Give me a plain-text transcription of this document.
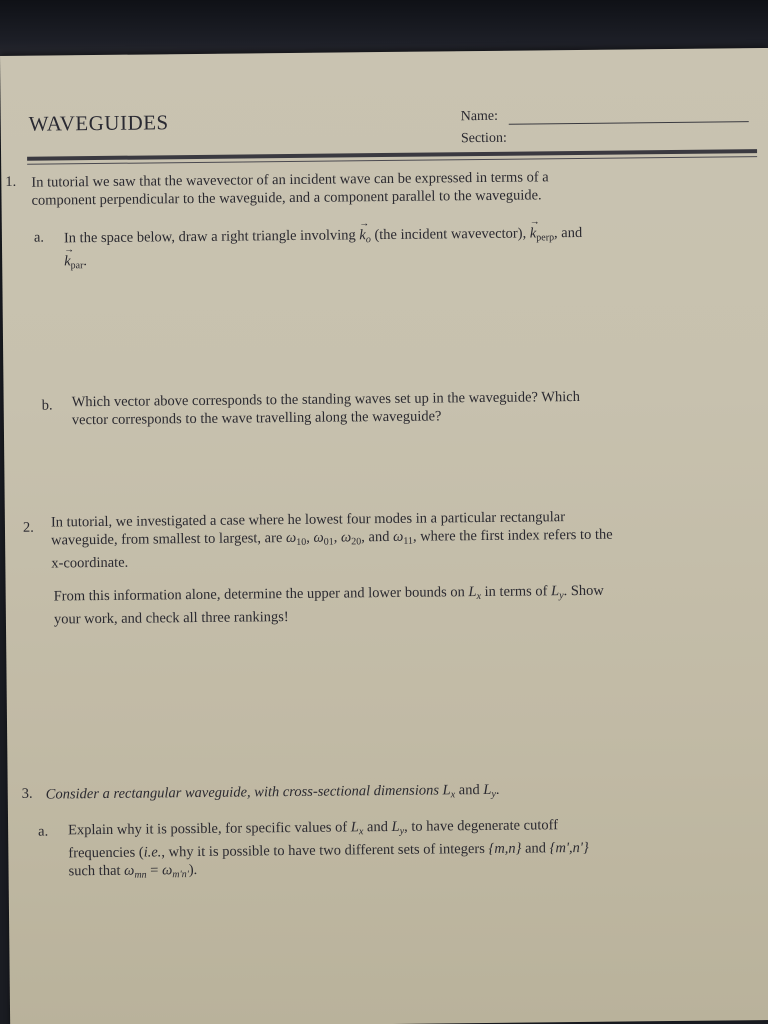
WAVEGUIDES	Name:
Section:
1. In tutorial we saw that the wavevector of an incident wave can be expressed in terms of a
component perpendicular to the waveguide, and a component parallel to the waveguide.
a. In the space below, draw a right triangle involving → $k_o$ (the incident wavevector), → $k_{perp}$, and
→ $k_{par}$.
b. Which vector above corresponds to the standing waves set up in the waveguide? Which
vector corresponds to the wave travelling along the waveguide?
2. In tutorial, we investigated a case where he lowest four modes in a particular rectangular
waveguide, from smallest to largest, are $\omega_{10}$, $\omega_{01}$, $\omega_{20}$, and $\omega_{11}$, where the first index refers to the
x-coordinate.
From this information alone, determine the upper and lower bounds on $L_x$ in terms of $L_y$. Show
your work, and check all three rankings!
3. Consider a rectangular waveguide, with cross-sectional dimensions $L_x$ and $L_y$.
a. Explain why it is possible, for specific values of $L_x$ and $L_y$, to have degenerate cutoff
frequencies (i.e., why it is possible to have two different sets of integers {m,n} and {m',n'}
such that $\omega_{mn} = \omega_{m'n'}$).
